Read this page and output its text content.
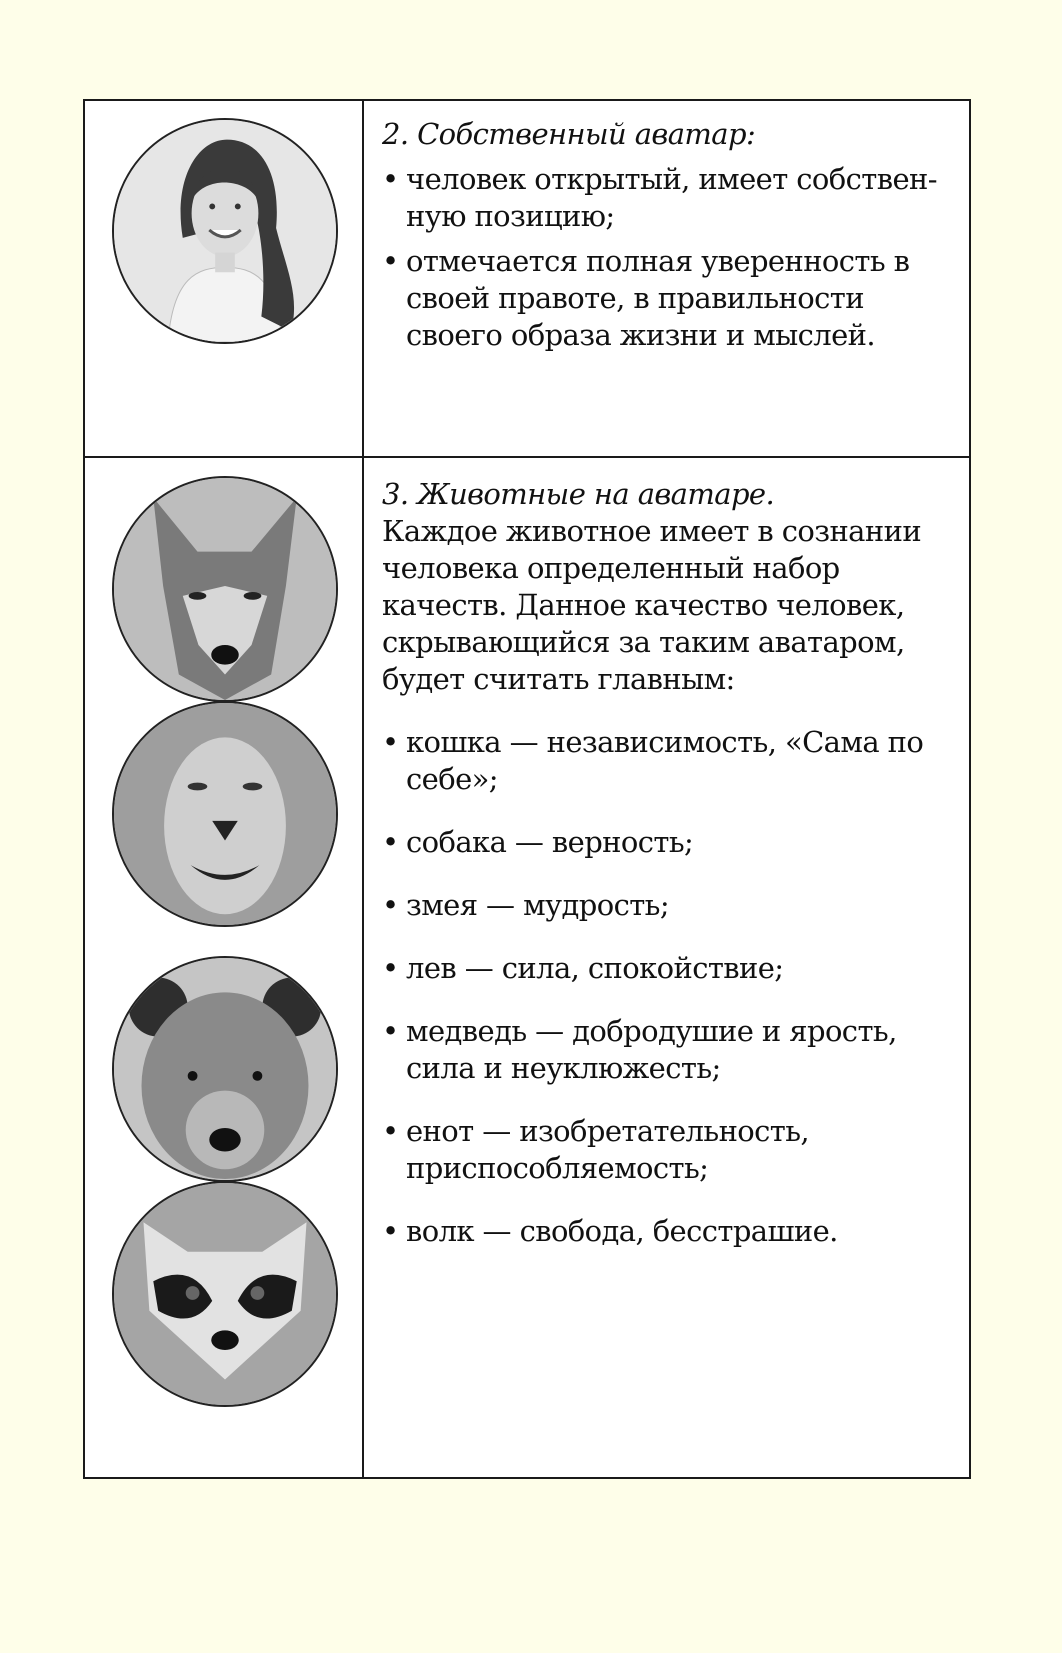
2. Собственный аватар:

• человек открытый, имеет собствен-ную позицию;

• отмечается полная уверенность в своей правоте, в правильности своего образа жизни и мыслей.

3. Животные на аватаре.

Каждое животное имеет в сознании человека определенный набор качеств. Данное качество человек, скрывающийся за таким аватаром, будет считать главным:

• кошка — независимость, «Сама по себе»;

• собака — верность;

• змея — мудрость;

• лев — сила, спокойствие;

• медведь — добродушие и ярость, сила и неуклюжесть;

• енот — изобретательность, приспособляемость;

• волк — свобода, бесстрашие.
